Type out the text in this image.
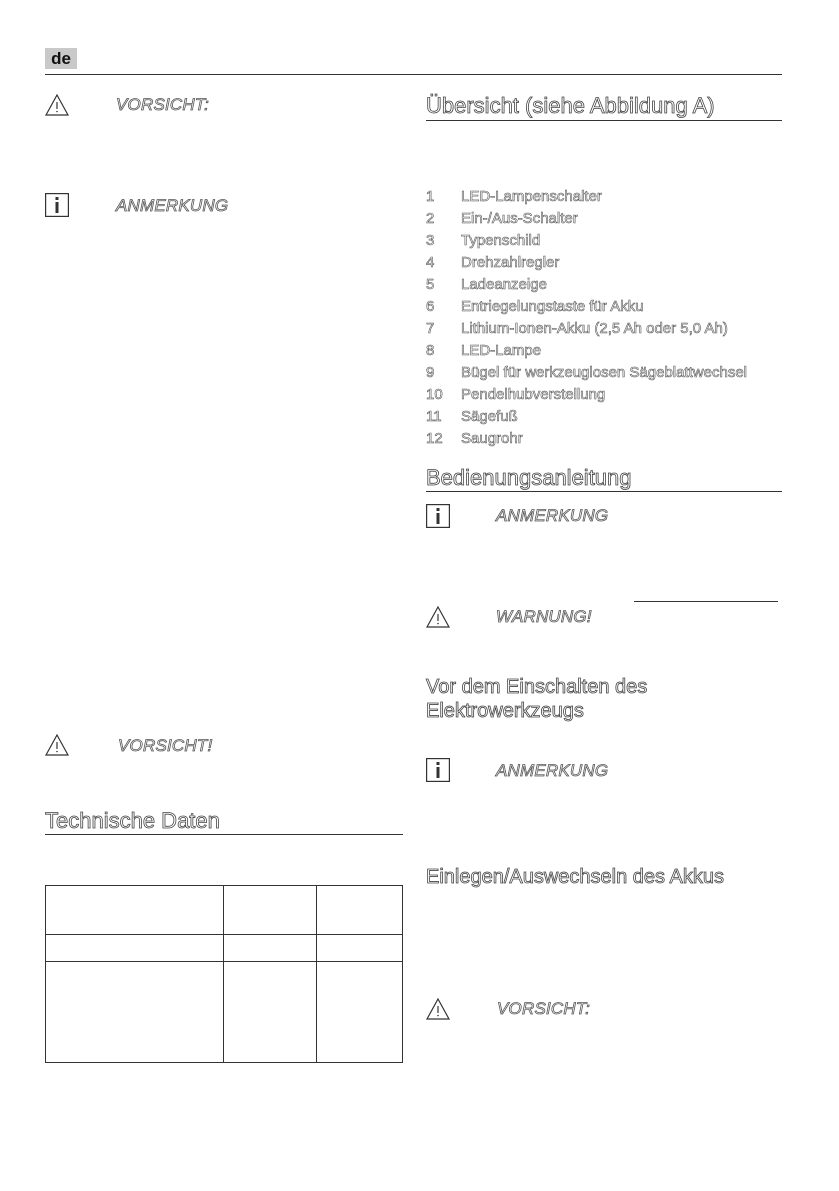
de
VORSICHT:
ANMERKUNG
VORSICHT!
Technische Daten
Übersicht (siehe Abbildung A)
1 LED-Lampenschalter
2 Ein-/Aus-Schalter
3 Typenschild
4 Drehzahlregler
5 Ladeanzeige
6 Entriegelungstaste für Akku
7 Lithium-Ionen-Akku (2,5 Ah oder 5,0 Ah)
8 LED-Lampe
9 Bügel für werkzeuglosen Sägeblattwechsel
10 Pendelhubverstellung
11 Sägefuß
12 Saugrohr
Bedienungsanleitung
ANMERKUNG
WARNUNG!
Vor dem Einschalten des
Elektrowerkzeugs
ANMERKUNG
Einlegen/Auswechseln des Akkus
VORSICHT:
